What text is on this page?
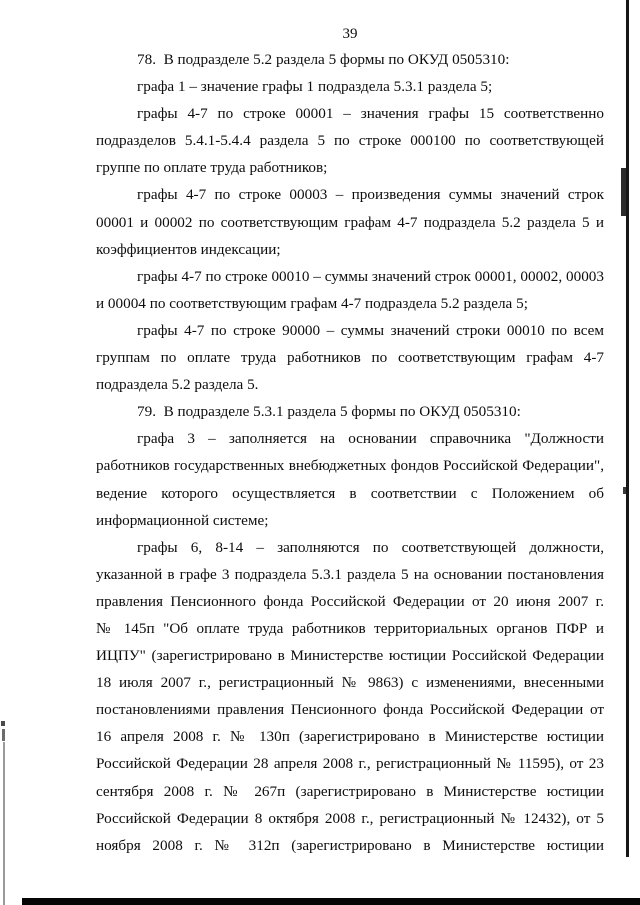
39

78.  В подразделе 5.2 раздела 5 формы по ОКУД 0505310:

графа 1 – значение графы 1 подраздела 5.3.1 раздела 5;

графы 4-7 по строке 00001 – значения графы 15 соответственно подразделов 5.4.1-5.4.4 раздела 5 по строке 000100 по соответствующей группе по оплате труда работников;

графы 4-7 по строке 00003 – произведения суммы значений строк 00001 и 00002 по соответствующим графам 4-7 подраздела 5.2 раздела 5 и коэффициентов индексации;

графы 4-7 по строке 00010 – суммы значений строк 00001, 00002, 00003 и 00004 по соответствующим графам 4-7 подраздела 5.2 раздела 5;

графы 4-7 по строке 90000 – суммы значений строки 00010 по всем группам по оплате труда работников по соответствующим графам 4-7 подраздела 5.2 раздела 5.

79.  В подразделе 5.3.1 раздела 5 формы по ОКУД 0505310:

графа 3 – заполняется на основании справочника "Должности работников государственных внебюджетных фондов Российской Федерации", ведение которого осуществляется в соответствии с Положением об информационной системе;

графы 6, 8-14 – заполняются по соответствующей должности, указанной в графе 3 подраздела 5.3.1 раздела 5 на основании постановления правления Пенсионного фонда Российской Федерации от 20 июня 2007 г. № 145п "Об оплате труда работников территориальных органов ПФР и ИЦПУ" (зарегистрировано в Министерстве юстиции Российской Федерации 18 июля 2007 г., регистрационный № 9863) с изменениями, внесенными постановлениями правления Пенсионного фонда Российской Федерации от 16 апреля 2008 г. № 130п (зарегистрировано в Министерстве юстиции Российской Федерации 28 апреля 2008 г., регистрационный № 11595), от 23 сентября 2008 г. № 267п (зарегистрировано в Министерстве юстиции Российской Федерации 8 октября 2008 г., регистрационный № 12432), от 5 ноября 2008 г. № 312п (зарегистрировано в Министерстве юстиции
